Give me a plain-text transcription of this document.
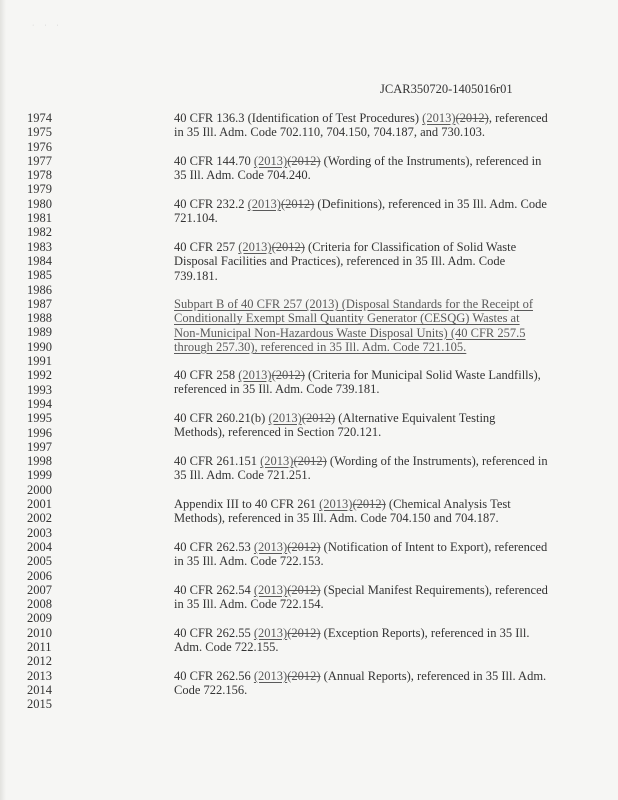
· · ·
JCAR350720-1405016r01
1974
1975
1976
1977
1978
1979
1980
1981
1982
1983
1984
1985
1986
1987
1988
1989
1990
1991
1992
1993
1994
1995
1996
1997
1998
1999
2000
2001
2002
2003
2004
2005
2006
2007
2008
2009
2010
2011
2012
2013
2014
2015
40 CFR 136.3 (Identification of Test Procedures) (2013)(2012), referenced
in 35 Ill. Adm. Code 702.110, 704.150, 704.187, and 730.103.
40 CFR 144.70 (2013)(2012) (Wording of the Instruments), referenced in
35 Ill. Adm. Code 704.240.
40 CFR 232.2 (2013)(2012) (Definitions), referenced in 35 Ill. Adm. Code
721.104.
40 CFR 257 (2013)(2012) (Criteria for Classification of Solid Waste
Disposal Facilities and Practices), referenced in 35 Ill. Adm. Code
739.181.
Subpart B of 40 CFR 257 (2013) (Disposal Standards for the Receipt of
Conditionally Exempt Small Quantity Generator (CESQG) Wastes at
Non-Municipal Non-Hazardous Waste Disposal Units) (40 CFR 257.5
through 257.30), referenced in 35 Ill. Adm. Code 721.105.
40 CFR 258 (2013)(2012) (Criteria for Municipal Solid Waste Landfills),
referenced in 35 Ill. Adm. Code 739.181.
40 CFR 260.21(b) (2013)(2012) (Alternative Equivalent Testing
Methods), referenced in Section 720.121.
40 CFR 261.151 (2013)(2012) (Wording of the Instruments), referenced in
35 Ill. Adm. Code 721.251.
Appendix III to 40 CFR 261 (2013)(2012) (Chemical Analysis Test
Methods), referenced in 35 Ill. Adm. Code 704.150 and 704.187.
40 CFR 262.53 (2013)(2012) (Notification of Intent to Export), referenced
in 35 Ill. Adm. Code 722.153.
40 CFR 262.54 (2013)(2012) (Special Manifest Requirements), referenced
in 35 Ill. Adm. Code 722.154.
40 CFR 262.55 (2013)(2012) (Exception Reports), referenced in 35 Ill.
Adm. Code 722.155.
40 CFR 262.56 (2013)(2012) (Annual Reports), referenced in 35 Ill. Adm.
Code 722.156.
